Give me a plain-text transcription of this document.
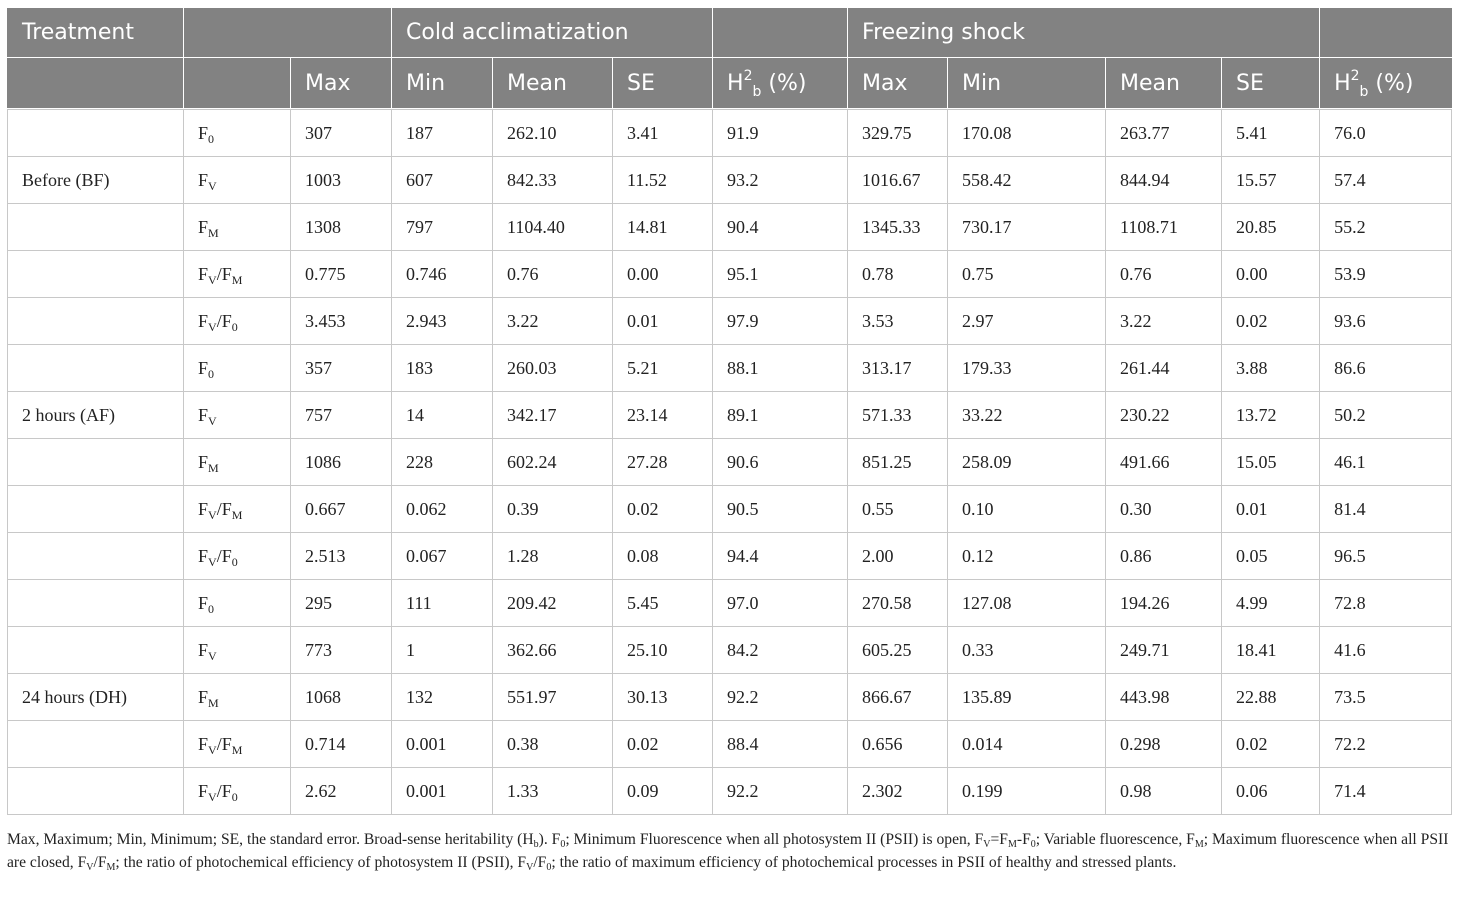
Treatment			Cold acclimatization				Freezing shock					
		Max	Min	Mean	SE	$H^2_b$ (%)	Max	Min		Mean	SE	$H^2_b$ (%)

	$F_0$	307	187	262.10	3.41	91.9	329.75	170.08		263.77	5.41	76.0
Before (BF)	$F_V$	1003	607	842.33	11.52	93.2	1016.67	558.42		844.94	15.57	57.4
	$F_M$	1308	797	1104.40	14.81	90.4	1345.33	730.17		1108.71	20.85	55.2
	$F_V/F_M$	0.775	0.746	0.76	0.00	95.1	0.78	0.75		0.76	0.00	53.9
	$F_V/F_0$	3.453	2.943	3.22	0.01	97.9	3.53	2.97		3.22	0.02	93.6
	$F_0$	357	183	260.03	5.21	88.1	313.17	179.33		261.44	3.88	86.6
2 hours (AF)	$F_V$	757	14	342.17	23.14	89.1	571.33	33.22		230.22	13.72	50.2
	$F_M$	1086	228	602.24	27.28	90.6	851.25	258.09		491.66	15.05	46.1
	$F_V/F_M$	0.667	0.062	0.39	0.02	90.5	0.55	0.10		0.30	0.01	81.4
	$F_V/F_0$	2.513	0.067	1.28	0.08	94.4	2.00	0.12		0.86	0.05	96.5
	$F_0$	295	111	209.42	5.45	97.0	270.58	127.08		194.26	4.99	72.8
	$F_V$	773	1	362.66	25.10	84.2	605.25	0.33		249.71	18.41	41.6
24 hours (DH)	$F_M$	1068	132	551.97	30.13	92.2	866.67	135.89		443.98	22.88	73.5
	$F_V/F_M$	0.714	0.001	0.38	0.02	88.4	0.656	0.014		0.298	0.02	72.2
	$F_V/F_0$	2.62	0.001	1.33	0.09	92.2	2.302	0.199		0.98	0.06	71.4
Max, Maximum; Min, Minimum; SE, the standard error. Broad-sense heritability $(H_b)$. $F_0$; Minimum Fluorescence when all photosystem II (PSII) is open, $F_V=F_M-F_0$; Variable fluorescence, $F_M$; Maximum fluorescence when all PSII are closed, $F_V/F_M$; the ratio of photochemical efficiency of photosystem II (PSII), $F_V/F_0$; the ratio of maximum efficiency of photochemical processes in PSII of healthy and stressed plants.
